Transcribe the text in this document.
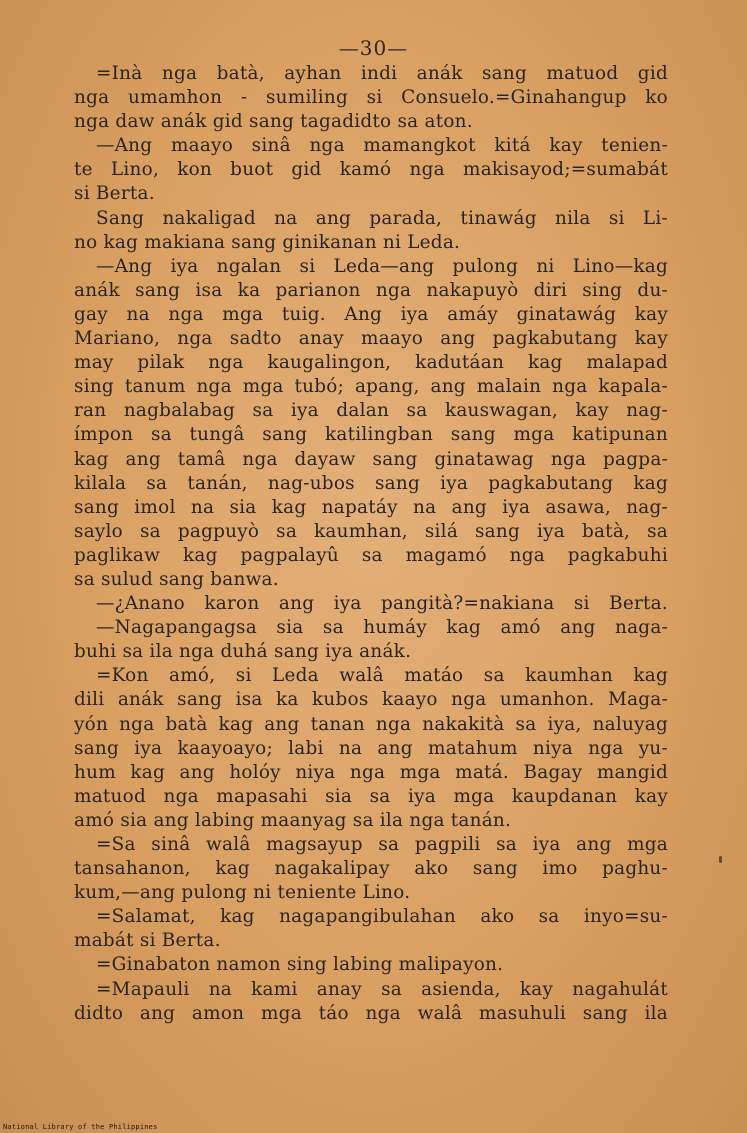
—30—
=Inà nga batà, ayhan indi anák sang matuod gid
nga umamhon - sumiling si Consuelo.=Ginahangup ko
nga daw anák gid sang tagadidto sa aton.
—Ang maayo sinâ nga mamangkot kitá kay tenien-
te Lino, kon buot gid kamó nga makisayod;=sumabát
si Berta.
Sang nakaligad na ang parada, tinawág nila si Li-
no kag makiana sang ginikanan ni Leda.
—Ang iya ngalan si Leda—ang pulong ni Lino—kag
anák sang isa ka parianon nga nakapuyò diri sing du-
gay na nga mga tuig. Ang iya amáy ginatawág kay
Mariano, nga sadto anay maayo ang pagkabutang kay
may pilak nga kaugalingon, kadutáan kag malapad
sing tanum nga mga tubó; apang, ang malain nga kapala-
ran nagbalabag sa iya dalan sa kauswagan, kay nag-
ímpon sa tungâ sang katilingban sang mga katipunan
kag ang tamâ nga dayaw sang ginatawag nga pagpa-
kilala sa tanán, nag-ubos sang iya pagkabutang kag
sang imol na sia kag napatáy na ang iya asawa, nag-
saylo sa pagpuyò sa kaumhan, silá sang iya batà, sa
paglikaw kag pagpalayû sa magamó nga pagkabuhi
sa sulud sang banwa.
—¿Anano karon ang iya pangità?=nakiana si Berta.
—Nagapangagsa sia sa humáy kag amó ang naga-
buhi sa ila nga duhá sang iya anák.
=Kon amó, si Leda walâ matáo sa kaumhan kag
dili anák sang isa ka kubos kaayo nga umanhon. Maga-
yón nga batà kag ang tanan nga nakakità sa iya, naluyag
sang iya kaayoayo; labi na ang matahum niya nga yu-
hum kag ang holóy niya nga mga matá. Bagay mangid
matuod nga mapasahi sia sa iya mga kaupdanan kay
amó sia ang labing maanyag sa ila nga tanán.
=Sa sinâ walâ magsayup sa pagpili sa iya ang mga
tansahanon, kag nagakalipay ako sang imo paghu-
kum,—ang pulong ni teniente Lino.
=Salamat, kag nagapangibulahan ako sa inyo=su-
mabát si Berta.
=Ginabaton namon sing labing malipayon.
=Mapauli na kami anay sa asienda, kay nagahulát
didto ang amon mga táo nga walâ masuhuli sang ila
National Library of the Philippines
